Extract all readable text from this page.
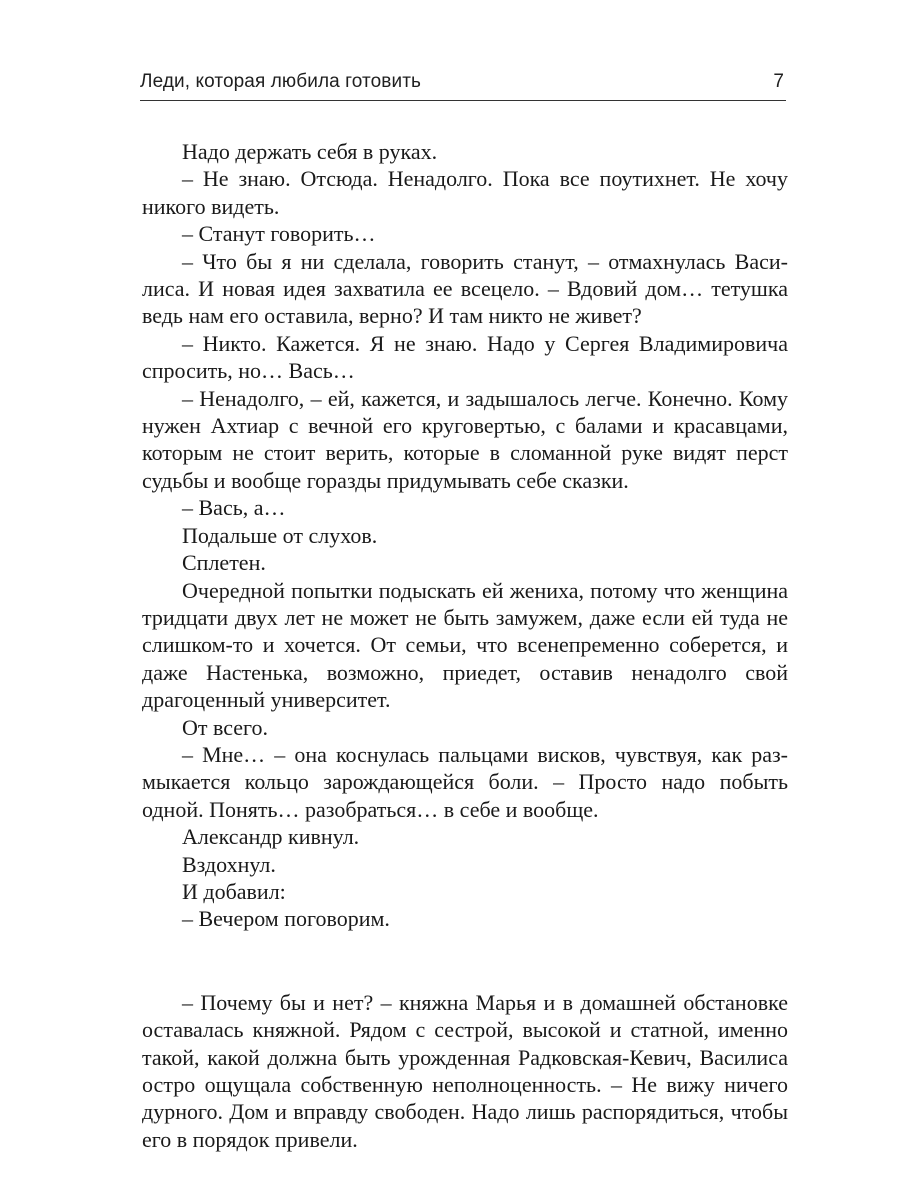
Леди, которая любила готовить	7

Надо держать себя в руках.

– Не знаю. Отсюда. Ненадолго. Пока все поутихнет. Не хочу никого видеть.

– Станут говорить…

– Что бы я ни сделала, говорить станут, – отмахнулась Василиса. И новая идея захватила ее всецело. – Вдовий дом… тетушка ведь нам его оставила, верно? И там никто не живет?

– Никто. Кажется. Я не знаю. Надо у Сергея Владимировича спросить, но… Вась…

– Ненадолго, – ей, кажется, и задышалось легче. Конечно. Кому нужен Ахтиар с вечной его круговертью, с балами и красавцами, которым не стоит верить, которые в сломанной руке видят перст судьбы и вообще горазды придумывать себе сказки.

– Вась, а…

Подальше от слухов.

Сплетен.

Очередной попытки подыскать ей жениха, потому что женщина тридцати двух лет не может не быть замужем, даже если ей туда не слишком-то и хочется. От семьи, что всенепременно соберется, и даже Настенька, возможно, приедет, оставив ненадолго свой драгоценный университет.

От всего.

– Мне… – она коснулась пальцами висков, чувствуя, как размыкается кольцо зарождающейся боли. – Просто надо побыть одной. Понять… разобраться… в себе и вообще.

Александр кивнул.

Вздохнул.

И добавил:

– Вечером поговорим.

– Почему бы и нет? – княжна Марья и в домашней обстановке оставалась княжной. Рядом с сестрой, высокой и статной, именно такой, какой должна быть урожденная Радковская-Кевич, Василиса остро ощущала собственную неполноценность. – Не вижу ничего дурного. Дом и вправду свободен. Надо лишь распорядиться, чтобы его в порядок привели.
